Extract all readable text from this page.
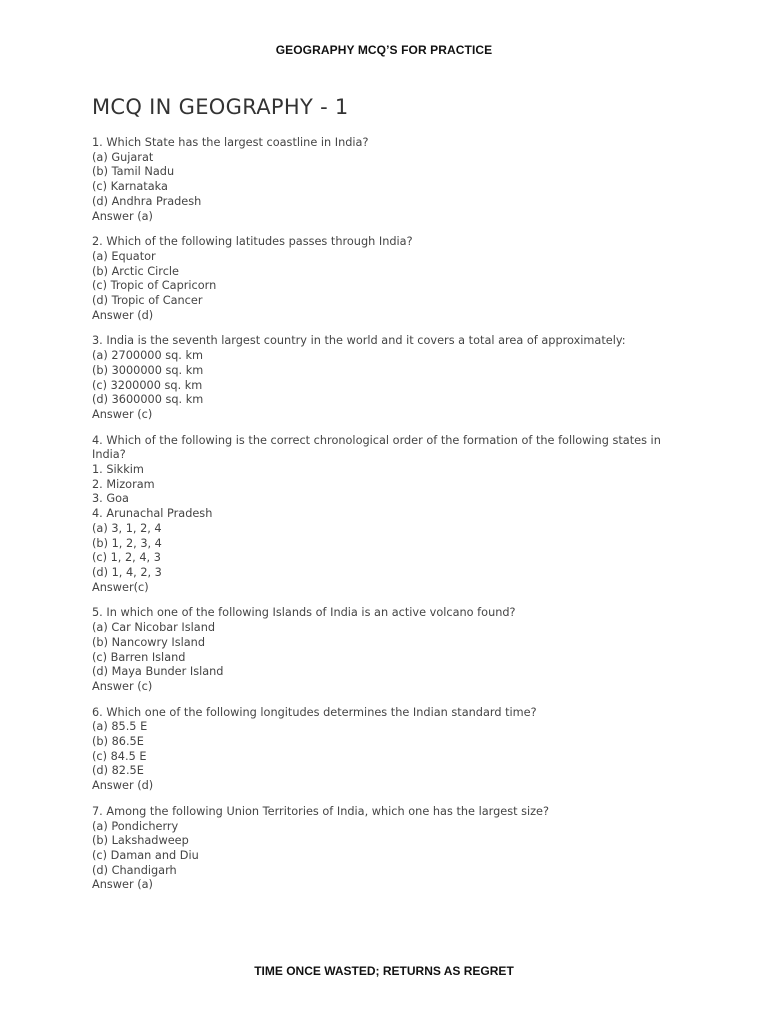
GEOGRAPHY MCQ’S FOR PRACTICE
MCQ IN GEOGRAPHY - 1
1. Which State has the largest coastline in India?
(a) Gujarat
(b) Tamil Nadu
(c) Karnataka
(d) Andhra Pradesh
Answer (a)
2. Which of the following latitudes passes through India?
(a) Equator
(b) Arctic Circle
(c) Tropic of Capricorn
(d) Tropic of Cancer
Answer (d)
3. India is the seventh largest country in the world and it covers a total area of approximately:
(a) 2700000 sq. km
(b) 3000000 sq. km
(c) 3200000 sq. km
(d) 3600000 sq. km
Answer (c)
4. Which of the following is the correct chronological order of the formation of the following states in
India?
1. Sikkim
2. Mizoram
3. Goa
4. Arunachal Pradesh
(a) 3, 1, 2, 4
(b) 1, 2, 3, 4
(c) 1, 2, 4, 3
(d) 1, 4, 2, 3
Answer(c)
5. In which one of the following Islands of India is an active volcano found?
(a) Car Nicobar Island
(b) Nancowry Island
(c) Barren Island
(d) Maya Bunder Island
Answer (c)
6. Which one of the following longitudes determines the Indian standard time?
(a) 85.5 E
(b) 86.5E
(c) 84.5 E
(d) 82.5E
Answer (d)
7. Among the following Union Territories of India, which one has the largest size?
(a) Pondicherry
(b) Lakshadweep
(c) Daman and Diu
(d) Chandigarh
Answer (a)
TIME ONCE WASTED; RETURNS AS REGRET
